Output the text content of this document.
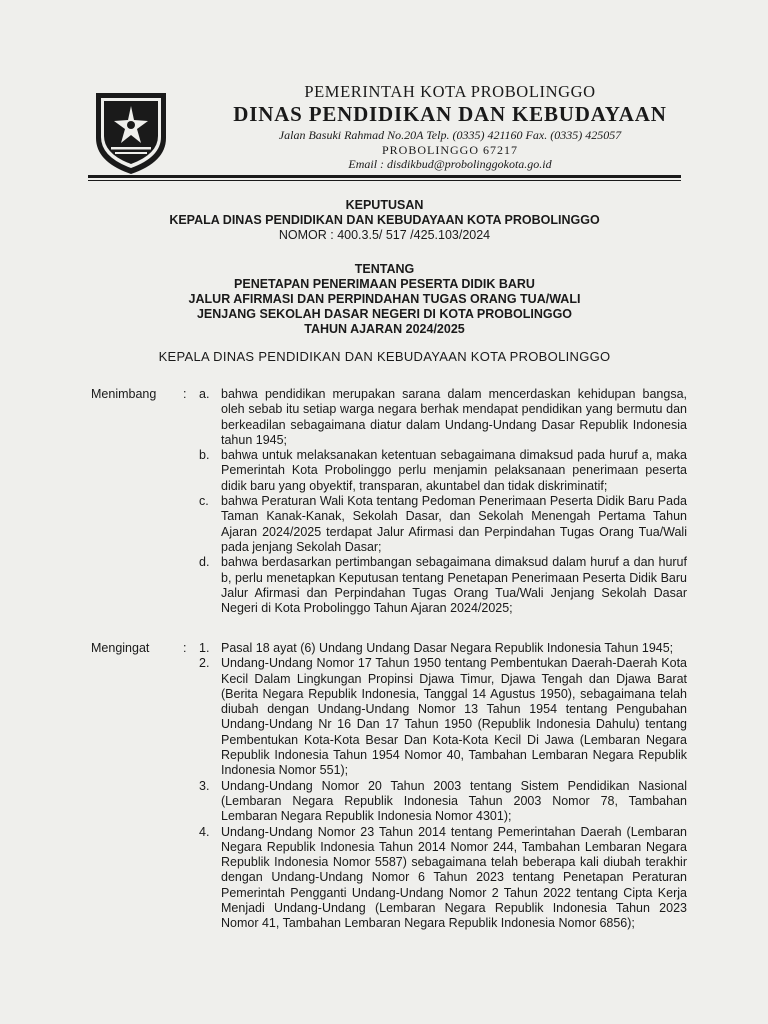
PEMERINTAH KOTA PROBOLINGGO
DINAS PENDIDIKAN DAN KEBUDAYAAN
Jalan Basuki Rahmad No.20A Telp. (0335) 421160 Fax. (0335) 425057
PROBOLINGGO 67217
Email : disdikbud@probolinggokota.go.id
KEPUTUSAN
KEPALA DINAS PENDIDIKAN DAN KEBUDAYAAN KOTA PROBOLINGGO
NOMOR : 400.3.5/ 517 /425.103/2024
TENTANG
PENETAPAN PENERIMAAN PESERTA DIDIK BARU
JALUR AFIRMASI DAN PERPINDAHAN TUGAS ORANG TUA/WALI
JENJANG SEKOLAH DASAR NEGERI DI KOTA PROBOLINGGO
TAHUN AJARAN 2024/2025
KEPALA DINAS PENDIDIKAN DAN KEBUDAYAAN KOTA PROBOLINGGO
Menimbang : a. bahwa pendidikan merupakan sarana dalam mencerdaskan kehidupan bangsa, oleh sebab itu setiap warga negara berhak mendapat pendidikan yang bermutu dan berkeadilan sebagaimana diatur dalam Undang-Undang Dasar Republik Indonesia tahun 1945;
b. bahwa untuk melaksanakan ketentuan sebagaimana dimaksud pada huruf a, maka Pemerintah Kota Probolinggo perlu menjamin pelaksanaan penerimaan peserta didik baru yang obyektif, transparan, akuntabel dan tidak diskriminatif;
c. bahwa Peraturan Wali Kota tentang Pedoman Penerimaan Peserta Didik Baru Pada Taman Kanak-Kanak, Sekolah Dasar, dan Sekolah Menengah Pertama Tahun Ajaran 2024/2025 terdapat Jalur Afirmasi dan Perpindahan Tugas Orang Tua/Wali pada jenjang Sekolah Dasar;
d. bahwa berdasarkan pertimbangan sebagaimana dimaksud dalam huruf a dan huruf b, perlu menetapkan Keputusan tentang Penetapan Penerimaan Peserta Didik Baru Jalur Afirmasi dan Perpindahan Tugas Orang Tua/Wali Jenjang Sekolah Dasar Negeri di Kota Probolinggo Tahun Ajaran 2024/2025;
Mengingat	: 1. Pasal 18 ayat (6) Undang Undang Dasar Negara Republik Indonesia Tahun 1945;
2. Undang-Undang Nomor 17 Tahun 1950 tentang Pembentukan Daerah-Daerah Kota Kecil Dalam Lingkungan Propinsi Djawa Timur, Djawa Tengah dan Djawa Barat (Berita Negara Republik Indonesia, Tanggal 14 Agustus 1950), sebagaimana telah diubah dengan Undang-Undang Nomor 13 Tahun 1954 tentang Pengubahan Undang-Undang Nr 16 Dan 17 Tahun 1950 (Republik Indonesia Dahulu) tentang Pembentukan Kota-Kota Besar Dan Kota-Kota Kecil Di Jawa (Lembaran Negara Republik Indonesia Tahun 1954 Nomor 40, Tambahan Lembaran Negara Republik Indonesia Nomor 551);
3. Undang-Undang Nomor 20 Tahun 2003 tentang Sistem Pendidikan Nasional (Lembaran Negara Republik Indonesia Tahun 2003 Nomor 78, Tambahan Lembaran Negara Republik Indonesia Nomor 4301);
4. Undang-Undang Nomor 23 Tahun 2014 tentang Pemerintahan Daerah (Lembaran Negara Republik Indonesia Tahun 2014 Nomor 244, Tambahan Lembaran Negara Republik Indonesia Nomor 5587) sebagaimana telah beberapa kali diubah terakhir dengan Undang-Undang Nomor 6 Tahun 2023 tentang Penetapan Peraturan Pemerintah Pengganti Undang-Undang Nomor 2 Tahun 2022 tentang Cipta Kerja Menjadi Undang-Undang (Lembaran Negara Republik Indonesia Tahun 2023 Nomor 41, Tambahan Lembaran Negara Republik Indonesia Nomor 6856);
